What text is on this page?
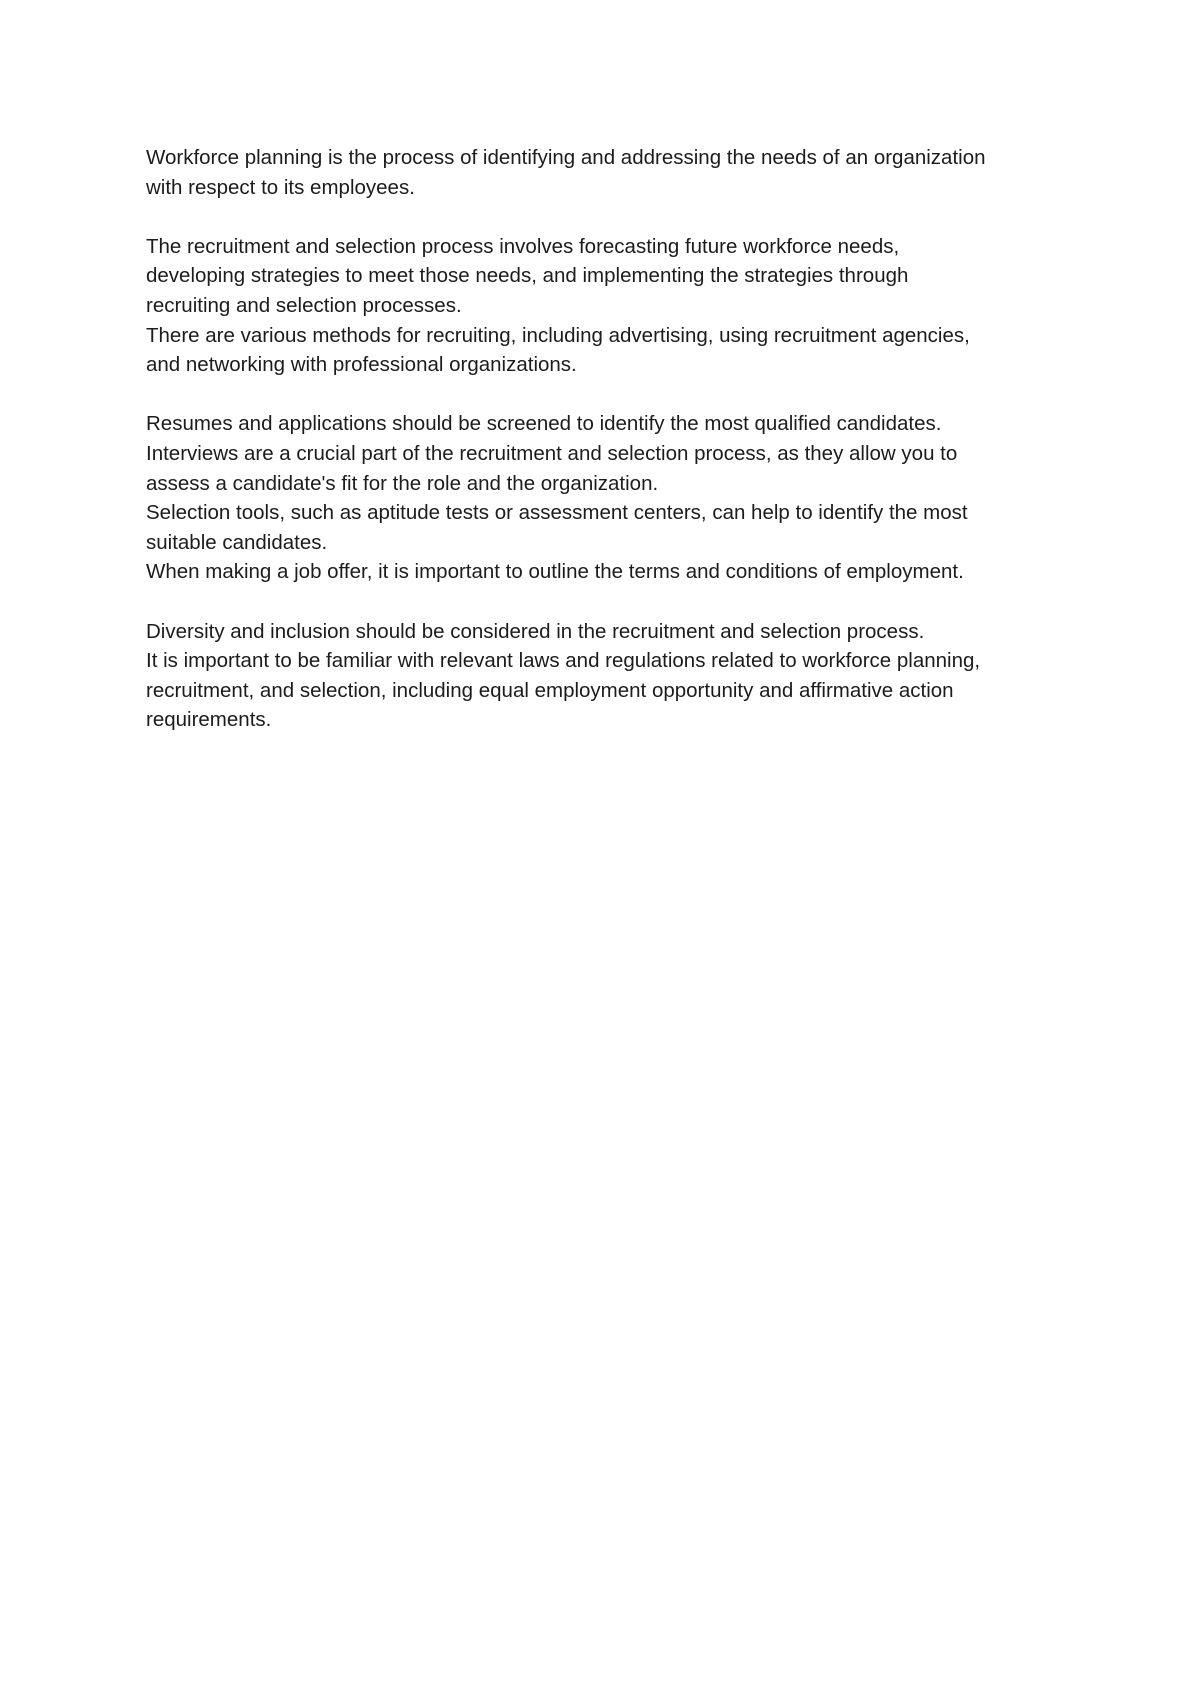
Workforce planning is the process of identifying and addressing the needs of an organization
with respect to its employees.
The recruitment and selection process involves forecasting future workforce needs,
developing strategies to meet those needs, and implementing the strategies through
recruiting and selection processes.
There are various methods for recruiting, including advertising, using recruitment agencies,
and networking with professional organizations.
Resumes and applications should be screened to identify the most qualified candidates.
Interviews are a crucial part of the recruitment and selection process, as they allow you to
assess a candidate's fit for the role and the organization.
Selection tools, such as aptitude tests or assessment centers, can help to identify the most
suitable candidates.
When making a job offer, it is important to outline the terms and conditions of employment.
Diversity and inclusion should be considered in the recruitment and selection process.
It is important to be familiar with relevant laws and regulations related to workforce planning,
recruitment, and selection, including equal employment opportunity and affirmative action
requirements.
